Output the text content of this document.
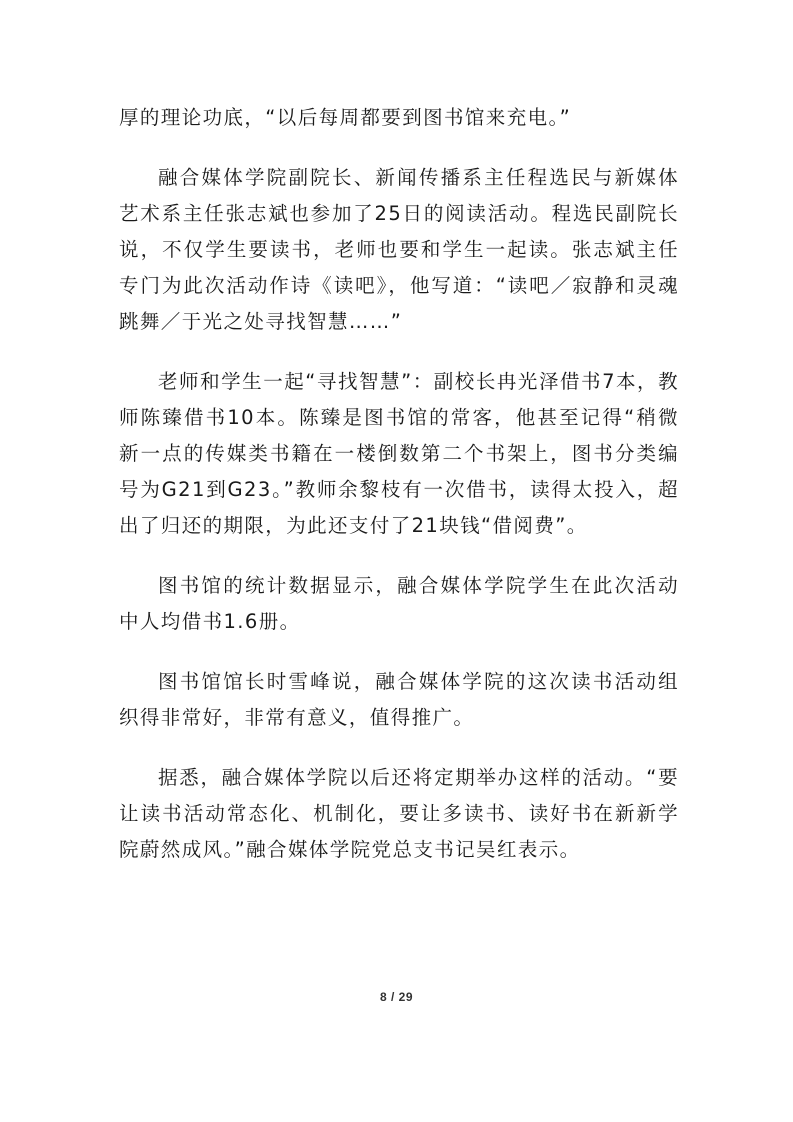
厚的理论功底，“以后每周都要到图书馆来充电。”

融合媒体学院副院长、新闻传播系主任程选民与新媒体艺术系主任张志斌也参加了25日的阅读活动。程选民副院长说，不仅学生要读书，老师也要和学生一起读。张志斌主任专门为此次活动作诗《读吧》，他写道：“读吧／寂静和灵魂跳舞／于光之处寻找智慧……”

老师和学生一起“寻找智慧”：副校长冉光泽借书7本，教师陈臻借书10本。陈臻是图书馆的常客，他甚至记得“稍微新一点的传媒类书籍在一楼倒数第二个书架上，图书分类编号为G21到G23。”教师余黎枝有一次借书，读得太投入，超出了归还的期限，为此还支付了21块钱“借阅费”。

图书馆的统计数据显示，融合媒体学院学生在此次活动中人均借书1.6册。

图书馆馆长时雪峰说，融合媒体学院的这次读书活动组织得非常好，非常有意义，值得推广。

据悉，融合媒体学院以后还将定期举办这样的活动。“要让读书活动常态化、机制化，要让多读书、读好书在新新学院蔚然成风。”融合媒体学院党总支书记吴红表示。

8 / 29
